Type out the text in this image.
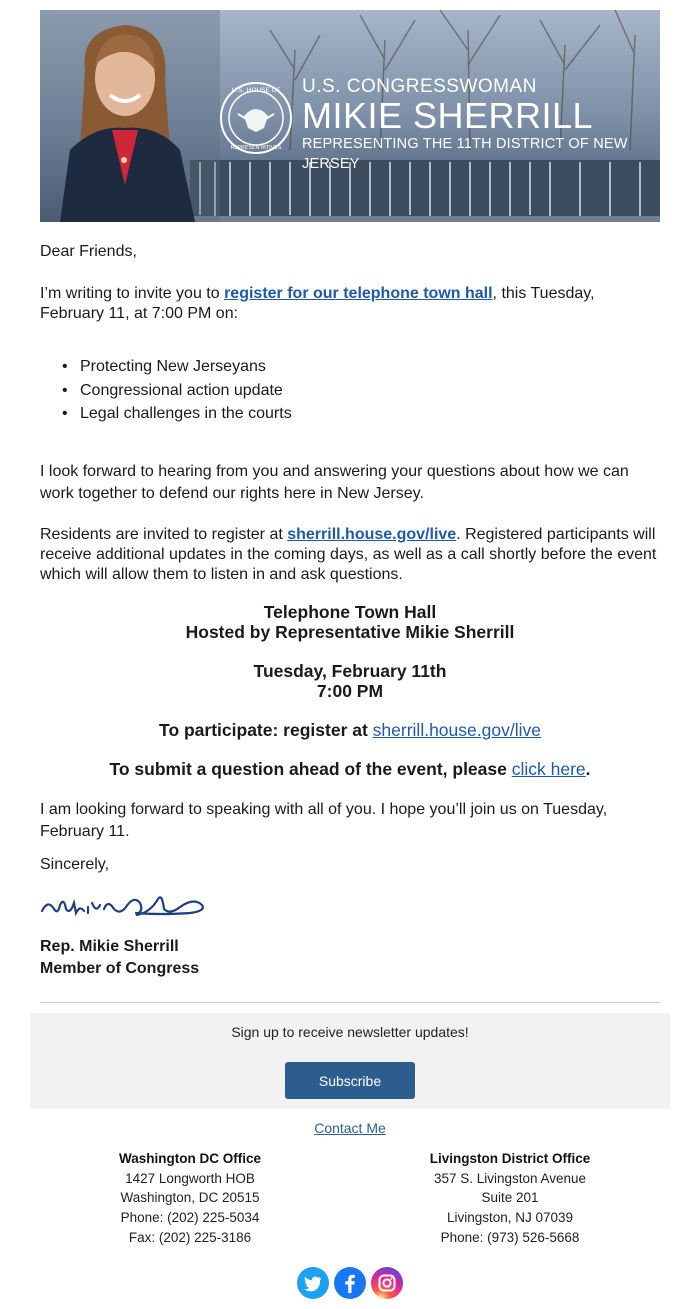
U.S. HOUSE OF
REPRESENTATIVES
U.S. CONGRESSWOMAN
MIKIE SHERRILL
REPRESENTING THE 11TH DISTRICT OF NEW JERSEY
Dear Friends,
I’m writing to invite you to register for our telephone town hall, this Tuesday, February 11, at 7:00 PM on:
• Protecting New Jerseyans
• Congressional action update
• Legal challenges in the courts
I look forward to hearing from you and answering your questions about how we can work together to defend our rights here in New Jersey.
Residents are invited to register at sherrill.house.gov/live. Registered participants will receive additional updates in the coming days, as well as a call shortly before the event which will allow them to listen in and ask questions.
Telephone Town Hall
Hosted by Representative Mikie Sherrill
Tuesday, February 11th
7:00 PM
To participate: register at sherrill.house.gov/live
To submit a question ahead of the event, please click here.
I am looking forward to speaking with all of you. I hope you’ll join us on Tuesday, February 11.
Sincerely,
Rep. Mikie Sherrill
Member of Congress
Sign up to receive newsletter updates!
Subscribe
Contact Me
Washington DC Office
1427 Longworth HOB
Washington, DC 20515
Phone: (202) 225-5034
Fax: (202) 225-3186
Livingston District Office
357 S. Livingston Avenue
Suite 201
Livingston, NJ 07039
Phone: (973) 526-5668
